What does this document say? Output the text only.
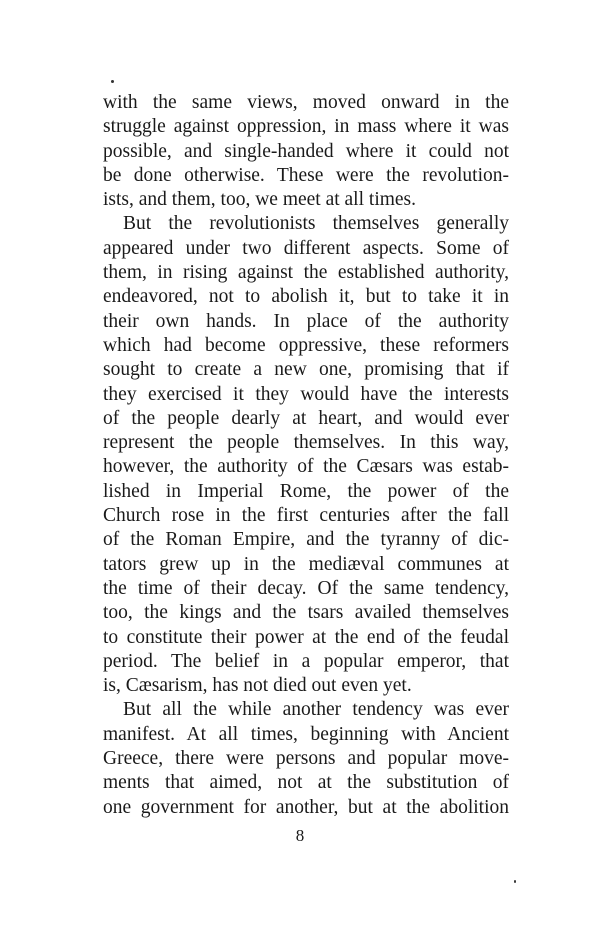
with the same views, moved onward in the
struggle against oppression, in mass where it was
possible, and single-handed where it could not
be done otherwise. These were the revolution-
ists, and them, too, we meet at all times.
But the revolutionists themselves generally
appeared under two different aspects. Some of
them, in rising against the established authority,
endeavored, not to abolish it, but to take it in
their own hands. In place of the authority
which had become oppressive, these reformers
sought to create a new one, promising that if
they exercised it they would have the interests
of the people dearly at heart, and would ever
represent the people themselves. In this way,
however, the authority of the Cæsars was estab-
lished in Imperial Rome, the power of the
Church rose in the first centuries after the fall
of the Roman Empire, and the tyranny of dic-
tators grew up in the mediæval communes at
the time of their decay. Of the same tendency,
too, the kings and the tsars availed themselves
to constitute their power at the end of the feudal
period. The belief in a popular emperor, that
is, Cæsarism, has not died out even yet.
But all the while another tendency was ever
manifest. At all times, beginning with Ancient
Greece, there were persons and popular move-
ments that aimed, not at the substitution of
one government for another, but at the abolition
8
